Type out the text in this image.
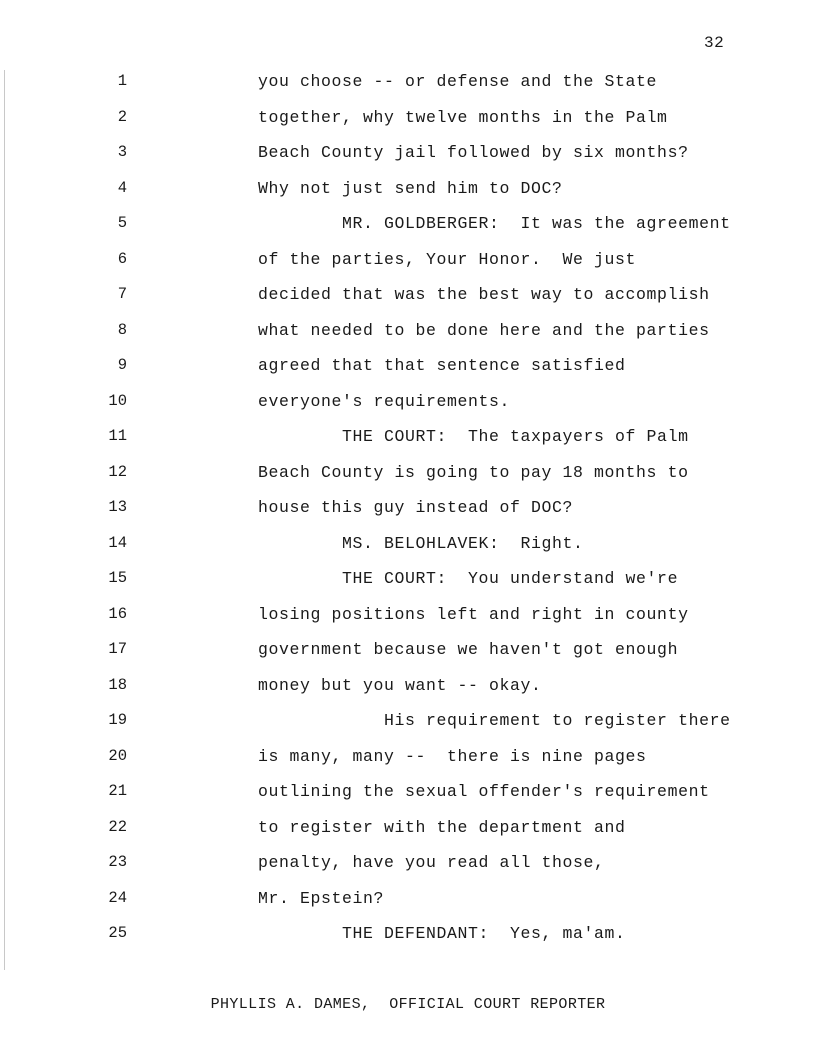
32
1
2
3
4
5
6
7
8
9
10
11
12
13
14
15
16
17
18
19
20
21
22
23
24
25
you choose -- or defense and the State
together, why twelve months in the Palm
Beach County jail followed by six months?
Why not just send him to DOC?
MR. GOLDBERGER:  It was the agreement
of the parties, Your Honor.  We just
decided that was the best way to accomplish
what needed to be done here and the parties
agreed that that sentence satisfied
everyone's requirements.
THE COURT:  The taxpayers of Palm
Beach County is going to pay 18 months to
house this guy instead of DOC?
MS. BELOHLAVEK:  Right.
THE COURT:  You understand we're
losing positions left and right in county
government because we haven't got enough
money but you want -- okay.
His requirement to register there
is many, many --  there is nine pages
outlining the sexual offender's requirement
to register with the department and
penalty, have you read all those,
Mr. Epstein?
THE DEFENDANT:  Yes, ma'am.
PHYLLIS A. DAMES,  OFFICIAL COURT REPORTER
